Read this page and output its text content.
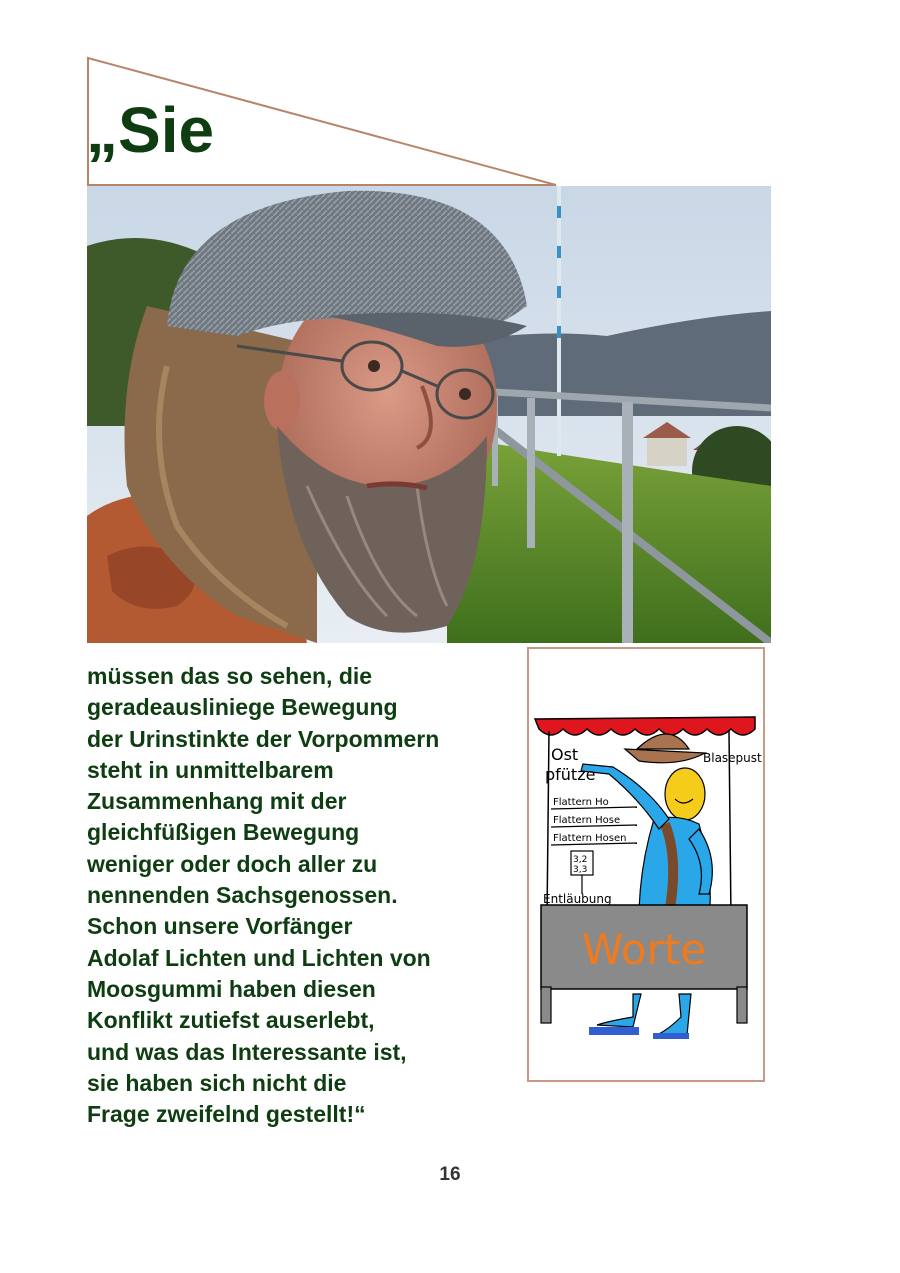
„Sie
müssen das so sehen, die
geradeausliniege Bewegung
der Urinstinkte der Vorpommern
steht in unmittelbarem
Zusammenhang mit der
gleichfüßigen Bewegung
weniger oder doch aller zu
nennenden Sachsgenossen.
Schon unsere Vorfänger
Adolaf Lichten und Lichten von
Moosgummi haben diesen
Konflikt zutiefst auserlebt,
und was das Interessante ist,
sie haben sich nicht die
Frage zweifelnd gestellt!“
Ost
pfütze
Blasepust
Flattern Ho
Flattern Hose
Flattern Hosen
3,2
3,3
Entläubung
Worte
16
